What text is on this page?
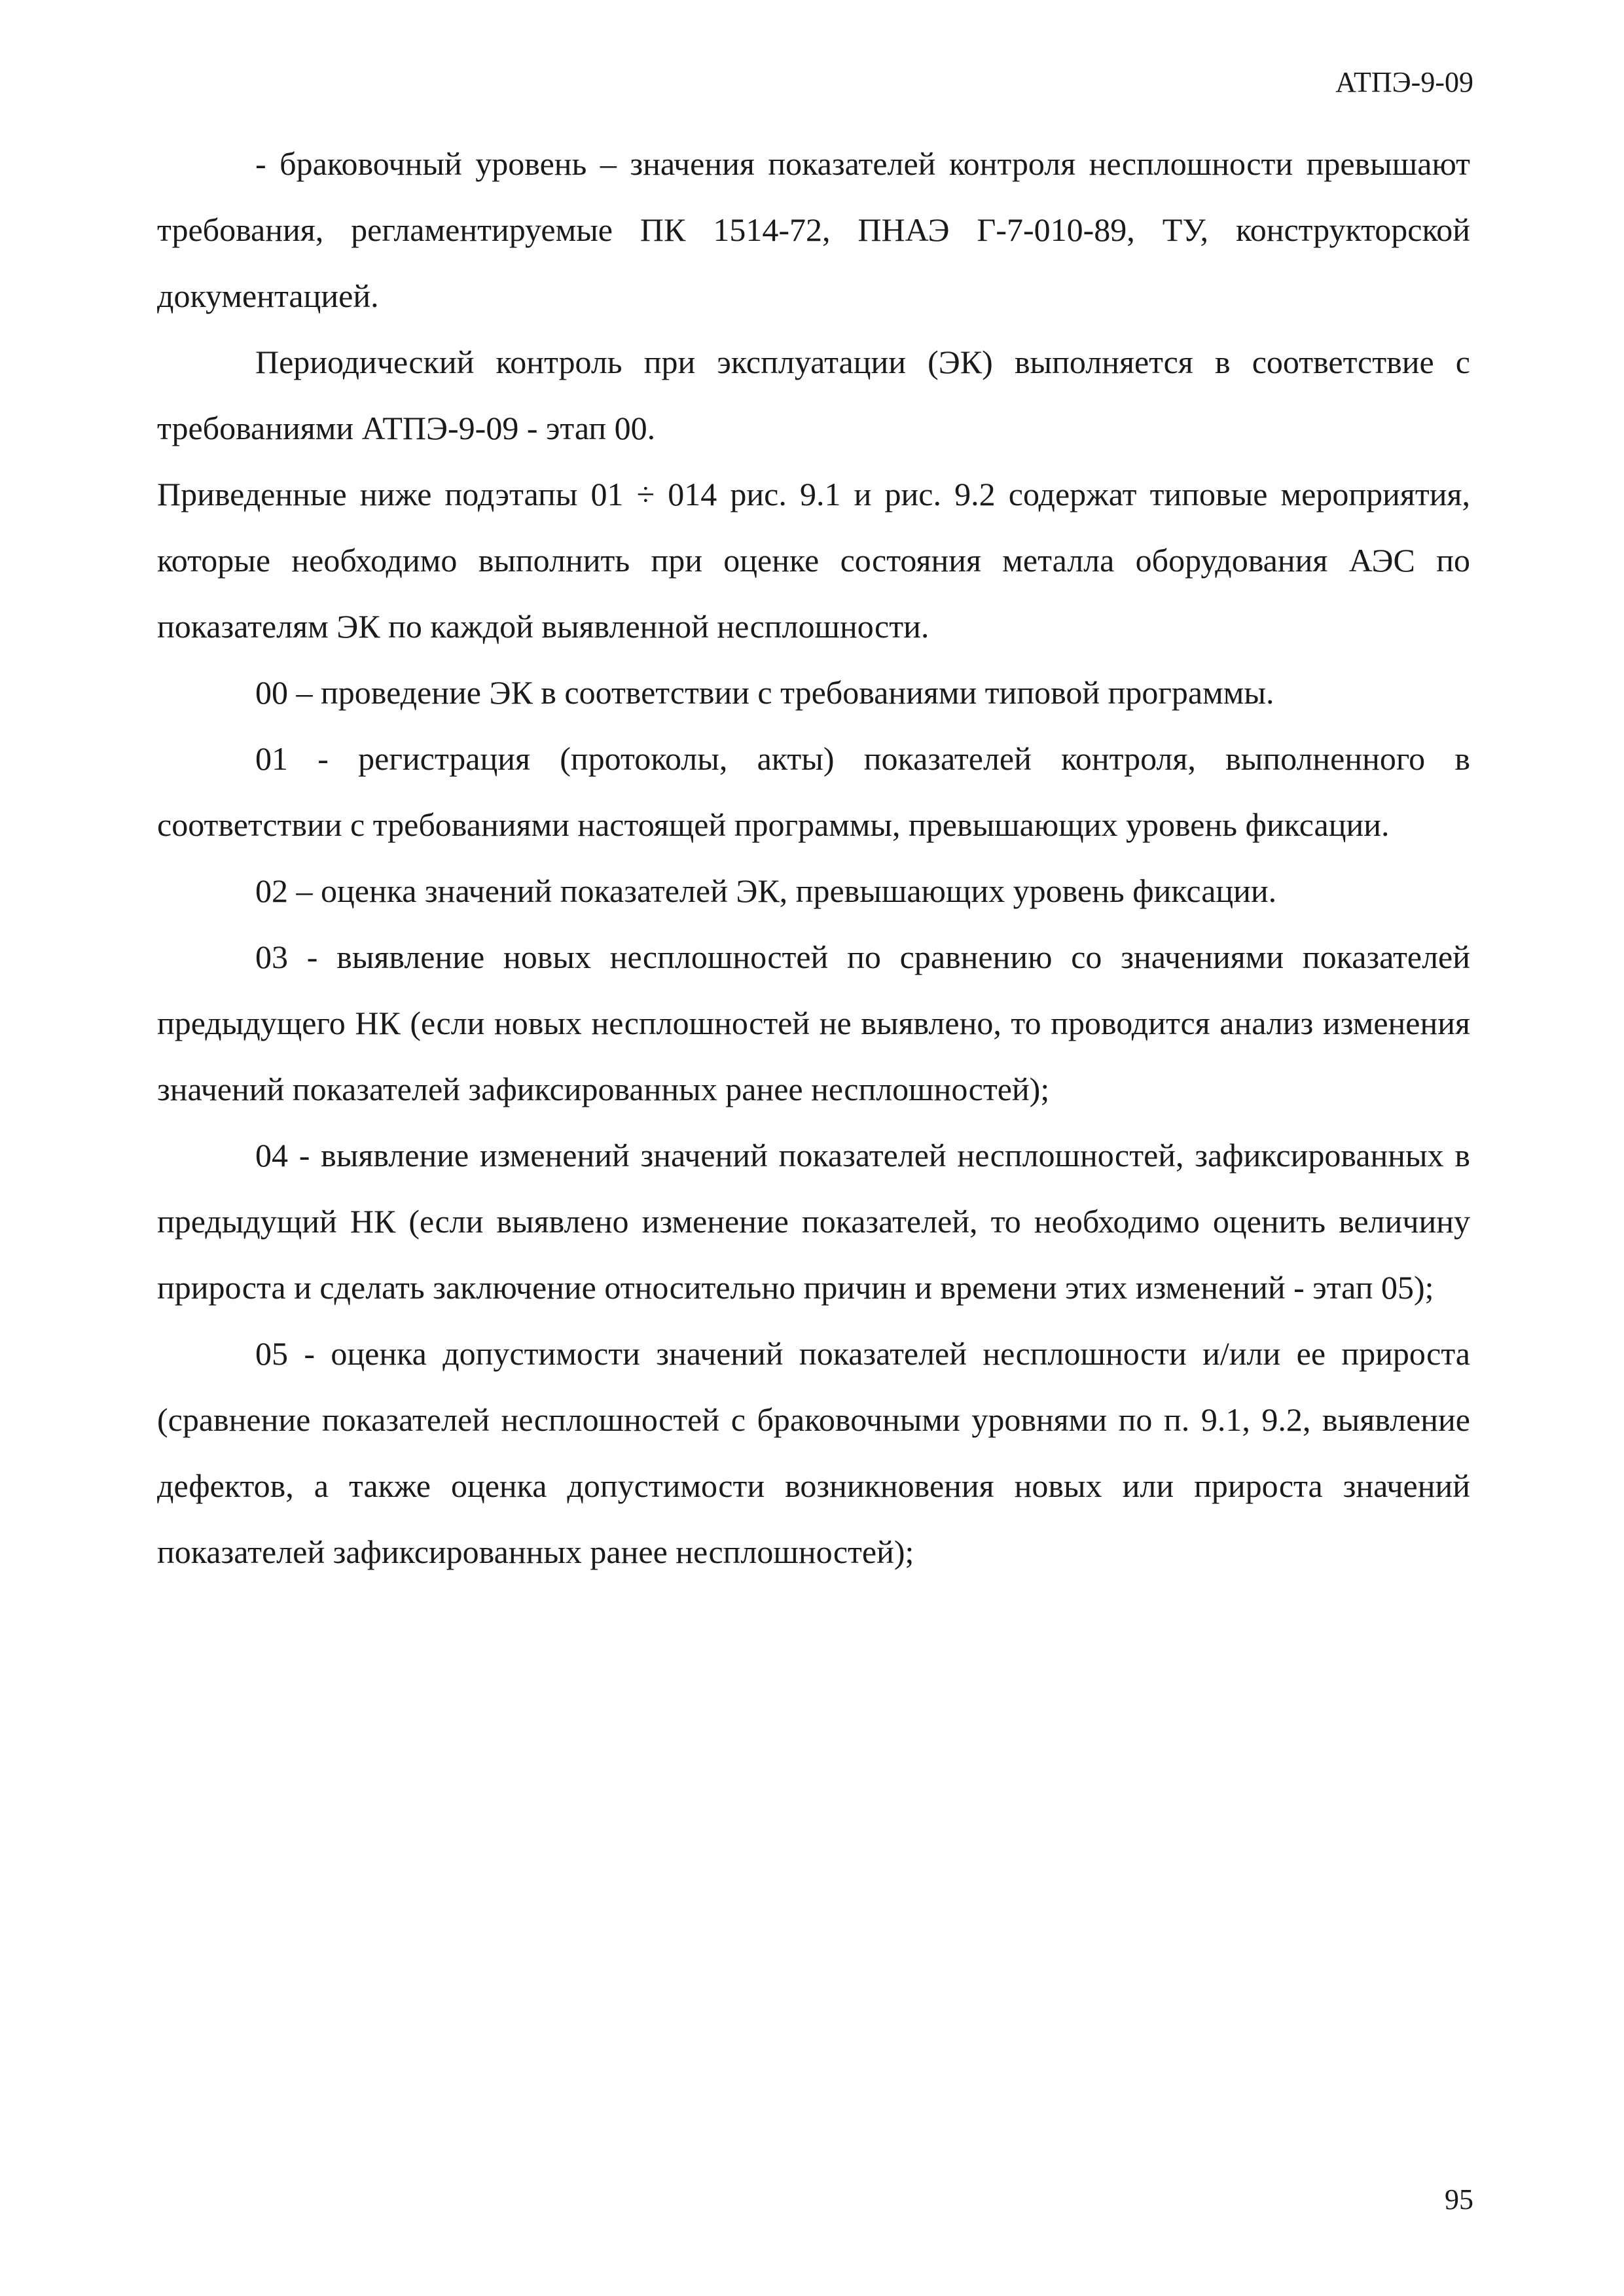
АТПЭ-9-09

- браковочный уровень – значения показателей контроля несплошности превышают требования, регламентируемые ПК 1514-72, ПНАЭ Г-7-010-89, ТУ, конструкторской документацией.

Периодический контроль при эксплуатации (ЭК) выполняется в соответствие с требованиями АТПЭ-9-09 - этап 00.

Приведенные ниже подэтапы 01 ÷ 014 рис. 9.1 и рис. 9.2 содержат типовые мероприятия, которые необходимо выполнить при оценке состояния металла оборудования АЭС по показателям ЭК по каждой выявленной несплошности.

00 – проведение ЭК в соответствии с требованиями типовой программы.

01 - регистрация (протоколы, акты) показателей контроля, выполненного в соответствии с требованиями настоящей программы, превышающих уровень фиксации.

02 – оценка значений показателей ЭК, превышающих уровень фиксации.

03 - выявление новых несплошностей по сравнению со значениями показателей предыдущего НК (если новых несплошностей не выявлено, то проводится анализ изменения значений показателей зафиксированных ранее несплошностей);

04 - выявление изменений значений показателей несплошностей, зафиксированных в предыдущий НК (если выявлено изменение показателей, то необходимо оценить величину прироста и сделать заключение относительно причин и времени этих изменений - этап 05);

05 - оценка допустимости значений показателей несплошности и/или ее прироста (сравнение показателей несплошностей с браковочными уровнями по п. 9.1, 9.2, выявление дефектов, а также оценка допустимости возникновения новых или прироста значений показателей зафиксированных ранее несплошностей);

95
